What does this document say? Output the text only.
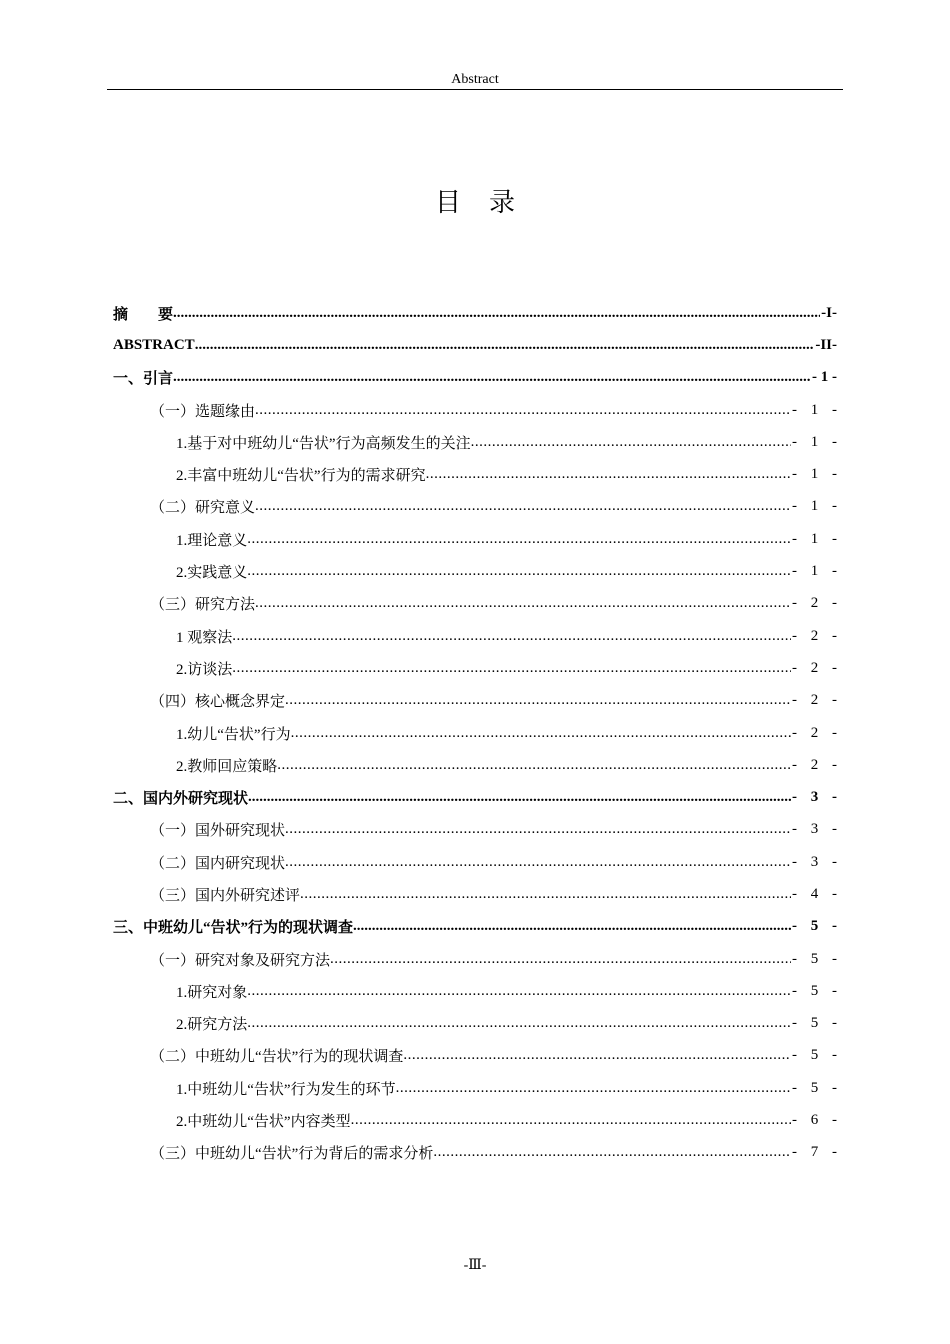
Abstract
目录
摘　　要 .....	-I-
ABSTRACT .....	-II-
一、引言 .....	- 1 -
（一）选题缘由 .....	- 1 -
1.基于对中班幼儿“告状”行为高频发生的关注 .....	- 1 -
2.丰富中班幼儿“告状”行为的需求研究 .....	- 1 -
（二）研究意义 .....	- 1 -
1.理论意义 .....	- 1 -
2.实践意义 .....	- 1 -
（三）研究方法 .....	- 2 -
1 观察法 .....	- 2 -
2.访谈法 .....	- 2 -
（四）核心概念界定 .....	- 2 -
1.幼儿“告状”行为 .....	- 2 -
2.教师回应策略 .....	- 2 -
二、国内外研究现状 .....	- 3 -
（一）国外研究现状 .....	- 3 -
（二）国内研究现状 .....	- 3 -
（三）国内外研究述评 .....	- 4 -
三、中班幼儿“告状”行为的现状调查 .....	- 5 -
（一）研究对象及研究方法 .....	- 5 -
1.研究对象 .....	- 5 -
2.研究方法 .....	- 5 -
（二）中班幼儿“告状”行为的现状调查 .....	- 5 -
1.中班幼儿“告状”行为发生的环节 .....	- 5 -
2.中班幼儿“告状”内容类型 .....	- 6 -
（三）中班幼儿“告状”行为背后的需求分析 .....	- 7 -
-Ⅲ-
